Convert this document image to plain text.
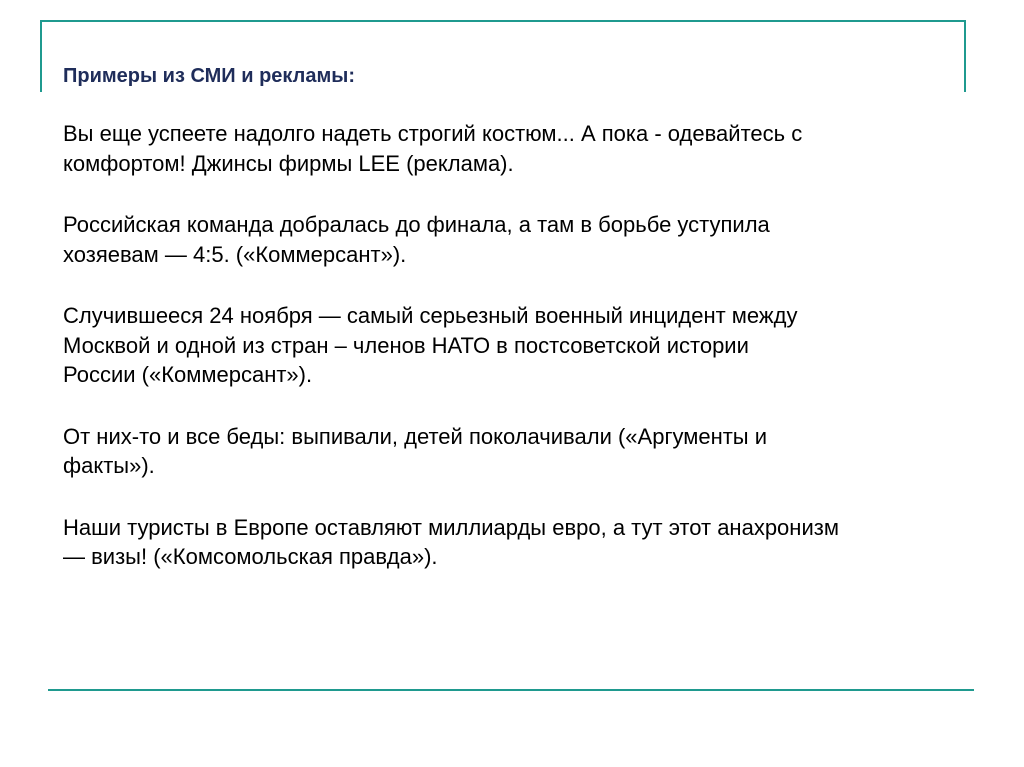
Примеры из СМИ и рекламы:

Вы еще успеете надолго надеть строгий костюм... А пока - одевайтесь с
комфортом! Джинсы фирмы LEE (реклама).

Российская команда добралась до финала, а там в борьбе уступила
хозяевам — 4:5. («Коммерсант»).

Случившееся 24 ноября — самый серьезный военный инцидент между
Москвой и одной из стран – членов НАТО в постсоветской истории
России («Коммерсант»).

От них-то и все беды: выпивали, детей поколачивали («Аргументы и
факты»).

Наши туристы в Европе оставляют миллиарды евро, а тут этот анахронизм
— визы! («Комсомольская правда»).
